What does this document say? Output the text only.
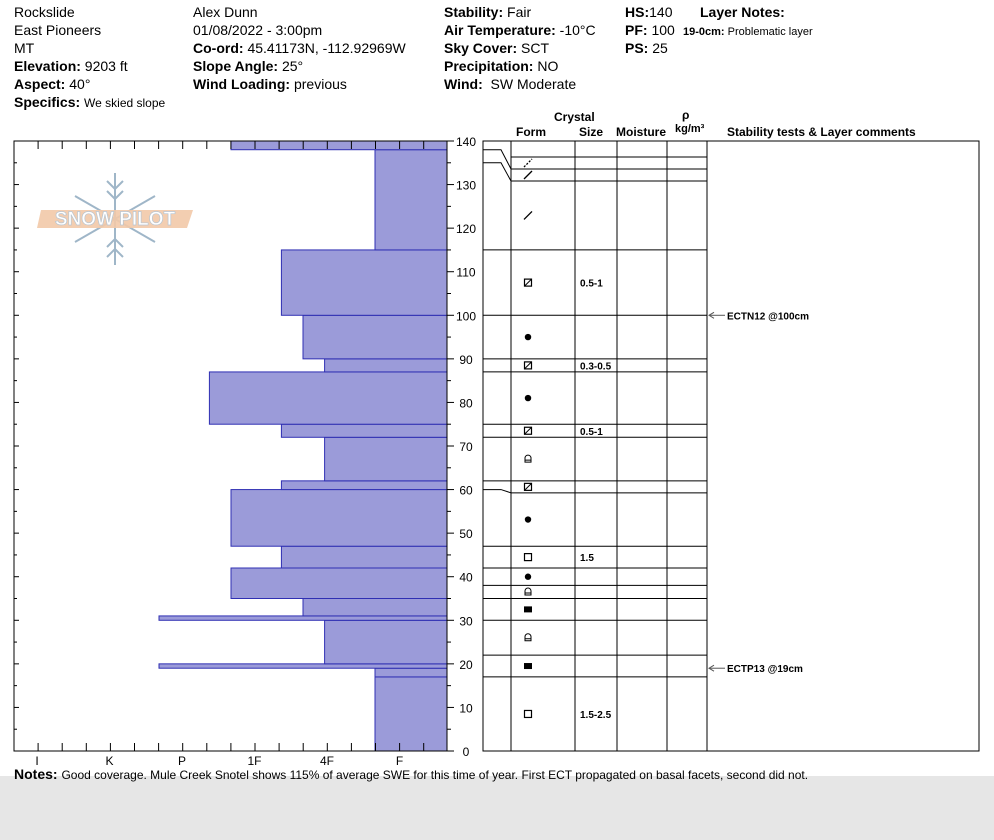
Rockslide
East Pioneers
MT
Elevation: 9203 ft
Aspect: 40°
Specifics: We skied slope
Alex Dunn
01/08/2022 - 3:00pm
Co-ord: 45.41173N, -112.92969W
Slope Angle: 25°
Wind Loading: previous
Stability: Fair
Air Temperature: -10°C
Sky Cover: SCT
Precipitation: NO
Wind: SW Moderate
HS:140
PF: 100
PS: 25
Layer Notes:
19-0cm: Problematic layer
Crystal
Form	Size Moisture
ρ
kg/m³ Stability tests & Layer comments
SNOW PILOT
0
10
20
30
40
50
60
70
80
90
100
110
120
130
140
I	K	P	1F	4F	F
0.5-1
0.3-0.5
0.5-1
1.5
1.5-2.5
ECTN12 @100cm
ECTP13 @19cm
Notes: Good coverage. Mule Creek Snotel shows 115% of average SWE for this time of year. First ECT propagated on basal facets, second did not.
